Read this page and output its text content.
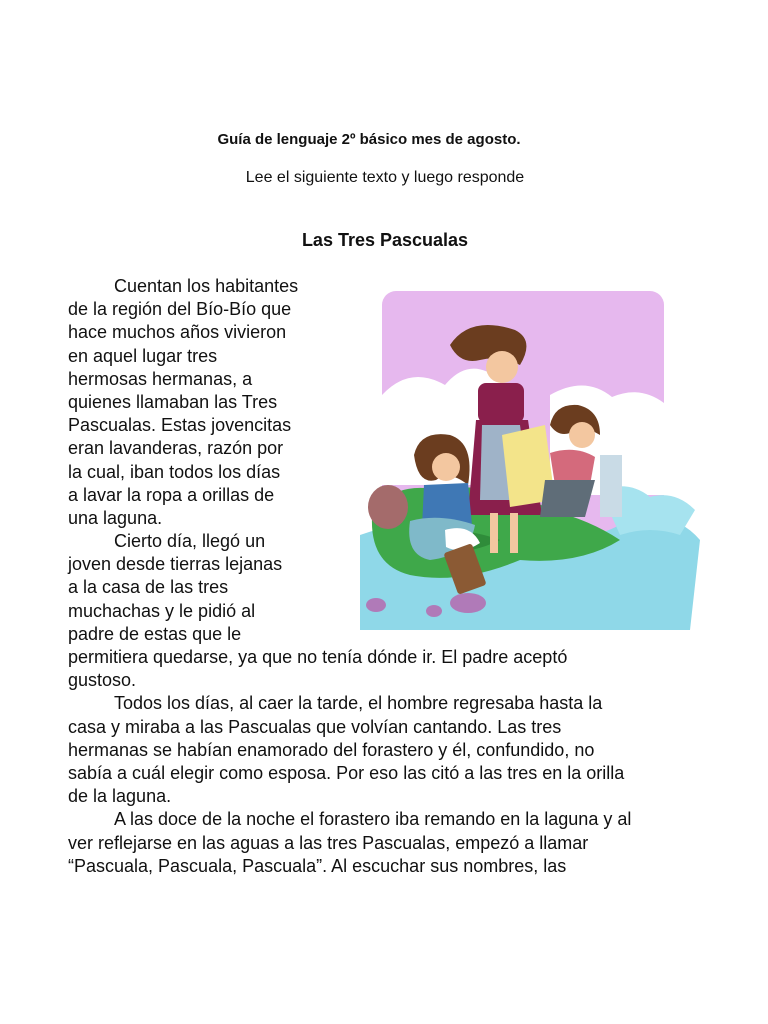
Guía de lenguaje 2º básico mes de agosto.
Lee el siguiente texto y luego responde
Las Tres Pascualas
Cuentan los habitantes
de la región del Bío-Bío que
hace muchos años vivieron
en aquel lugar tres
hermosas hermanas, a
quienes llamaban las Tres
Pascualas. Estas jovencitas
eran lavanderas, razón por
la cual, iban todos los días
a lavar la ropa a orillas de
una laguna.
Cierto día, llegó un
joven desde tierras lejanas
a la casa de las tres
muchachas y le pidió al
padre de estas que le
permitiera quedarse, ya que no tenía dónde ir. El padre aceptó
gustoso.
Todos los días, al caer la tarde, el hombre regresaba hasta la
casa y miraba a las Pascualas que volvían cantando. Las tres
hermanas se habían enamorado del forastero y él, confundido, no
sabía a cuál elegir como esposa. Por eso las citó a las tres en la orilla
de la laguna.
A las doce de la noche el forastero iba remando en la laguna y al
ver reflejarse en las aguas a las tres Pascualas, empezó a llamar
“Pascuala, Pascuala, Pascuala”. Al escuchar sus nombres, las
